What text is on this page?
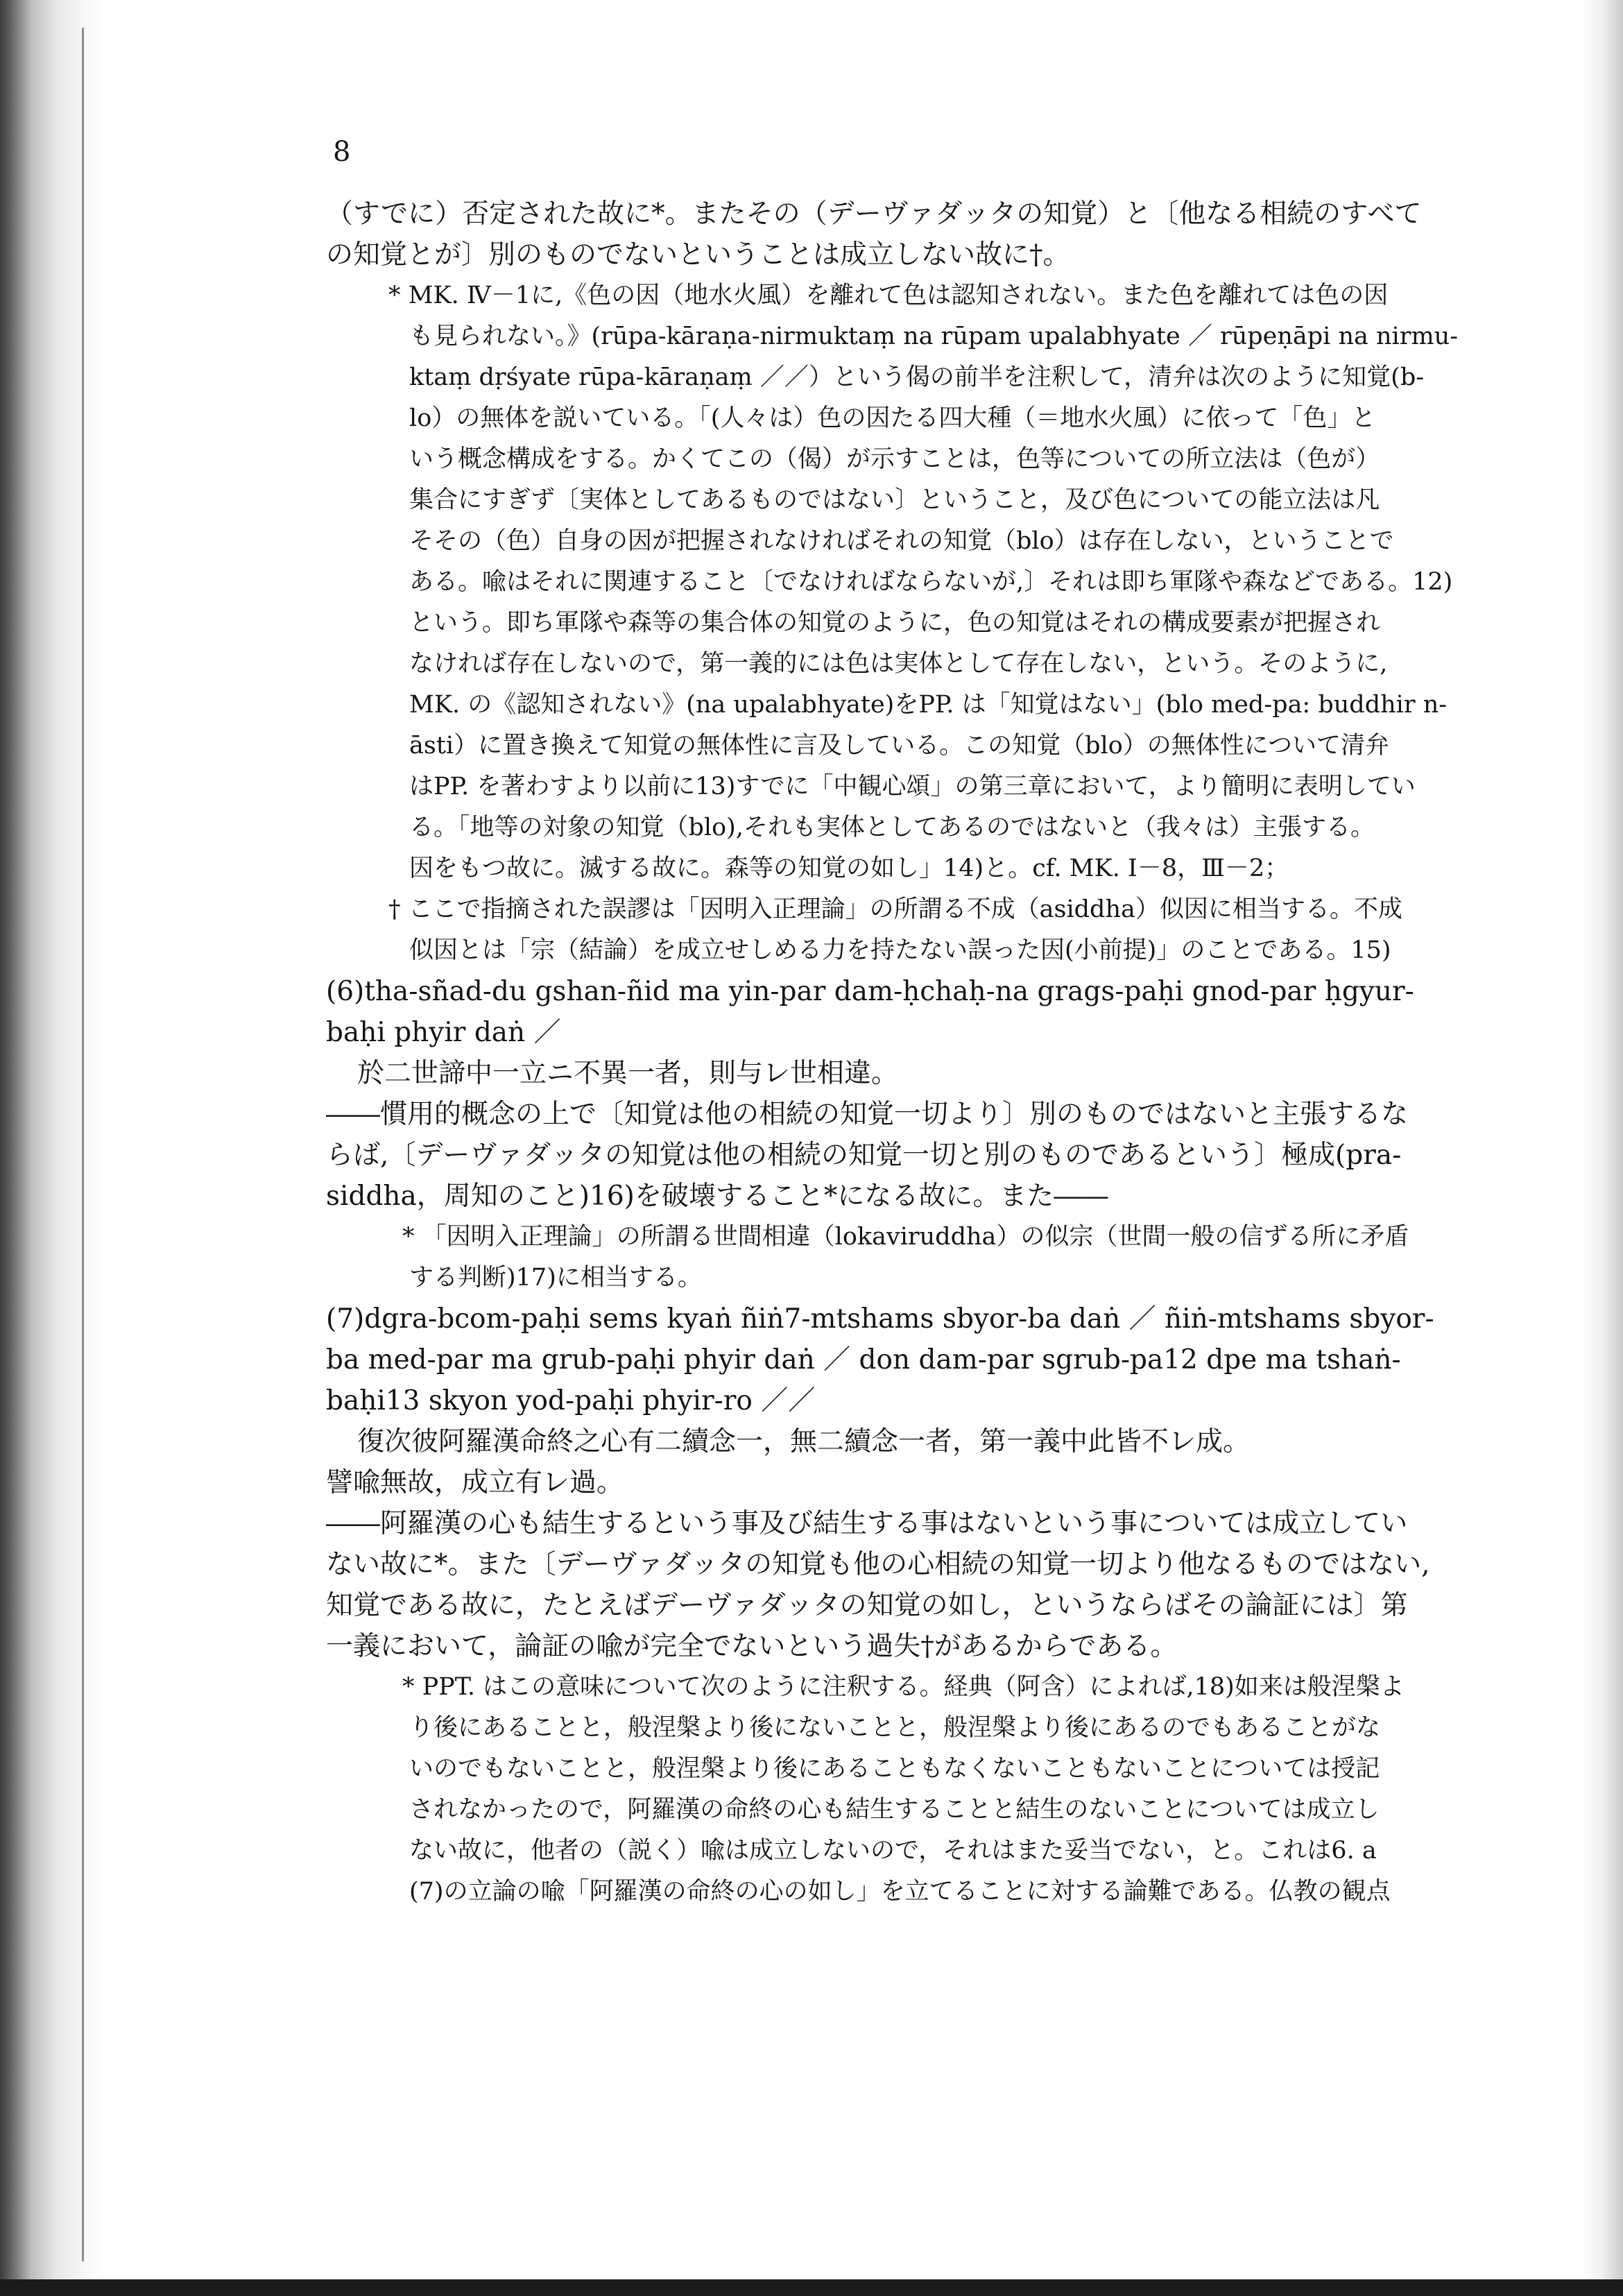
8
（すでに）否定された故に*。またその（デーヴァダッタの知覚）と〔他なる相続のすべて
の知覚とが〕別のものでないということは成立しない故に†。
* MK. Ⅳ－1に,《色の因（地水火風）を離れて色は認知されない。また色を離れては色の因
も見られない。》(rūpa-kāraṇa-nirmuktaṃ na rūpam upalabhyate ／ rūpeṇāpi na nirmu-
ktaṃ dṛśyate rūpa-kāraṇaṃ ／／）という偈の前半を注釈して，清弁は次のように知覚(b-
lo）の無体を説いている。「(人々は）色の因たる四大種（＝地水火風）に依って「色」と
いう概念構成をする。かくてこの（偈）が示すことは，色等についての所立法は（色が）
集合にすぎず〔実体としてあるものではない〕ということ，及び色についての能立法は凡
そその（色）自身の因が把握されなければそれの知覚（blo）は存在しない，ということで
ある。喩はそれに関連すること〔でなければならないが,〕それは即ち軍隊や森などである。12)
という。即ち軍隊や森等の集合体の知覚のように，色の知覚はそれの構成要素が把握され
なければ存在しないので，第一義的には色は実体として存在しない，という。そのように,
MK. の《認知されない》(na upalabhyate)をPP. は「知覚はない」(blo med-pa: buddhir n-
āsti）に置き換えて知覚の無体性に言及している。この知覚（blo）の無体性について清弁
はPP. を著わすより以前に13)すでに「中観心頌」の第三章において，より簡明に表明してい
る。「地等の対象の知覚（blo),それも実体としてあるのではないと（我々は）主張する。
因をもつ故に。滅する故に。森等の知覚の如し」14)と。cf. MK. Ⅰ－8，Ⅲ－2；
† ここで指摘された誤謬は「因明入正理論」の所謂る不成（asiddha）似因に相当する。不成
似因とは「宗（結論）を成立せしめる力を持たない誤った因(小前提)」のことである。15)
(6)tha-sñad-du gshan-ñid ma yin-par dam-ḥchaḥ-na grags-paḥi gnod-par ḥgyur-
baḥi phyir daṅ ／
於二世諦中一立ニ不異一者，則与レ世相違。
――慣用的概念の上で〔知覚は他の相続の知覚一切より〕別のものではないと主張するな
らば,〔デーヴァダッタの知覚は他の相続の知覚一切と別のものであるという〕極成(pra-
siddha，周知のこと)16)を破壊すること*になる故に。また――
* 「因明入正理論」の所謂る世間相違（lokaviruddha）の似宗（世間一般の信ずる所に矛盾
する判断)17)に相当する。
(7)dgra-bcom-paḥi sems kyaṅ ñiṅ7-mtshams sbyor-ba daṅ ／ ñiṅ-mtshams sbyor-
ba med-par ma grub-paḥi phyir daṅ ／ don dam-par sgrub-pa12 dpe ma tshaṅ-
baḥi13 skyon yod-paḥi phyir-ro ／／
復次彼阿羅漢命終之心有二續念一，無二續念一者，第一義中此皆不レ成。
譬喩無故，成立有レ過。
――阿羅漢の心も結生するという事及び結生する事はないという事については成立してい
ない故に*。また〔デーヴァダッタの知覚も他の心相続の知覚一切より他なるものではない,
知覚である故に，たとえばデーヴァダッタの知覚の如し，というならばその論証には〕第
一義において，論証の喩が完全でないという過失†があるからである。
* PPT. はこの意味について次のように注釈する。経典（阿含）によれば,18)如来は般涅槃よ
り後にあることと，般涅槃より後にないことと，般涅槃より後にあるのでもあることがな
いのでもないことと，般涅槃より後にあることもなくないこともないことについては授記
されなかったので，阿羅漢の命終の心も結生することと結生のないことについては成立し
ない故に，他者の（説く）喩は成立しないので，それはまた妥当でない，と。これは6. a
(7)の立論の喩「阿羅漢の命終の心の如し」を立てることに対する論難である。仏教の観点
